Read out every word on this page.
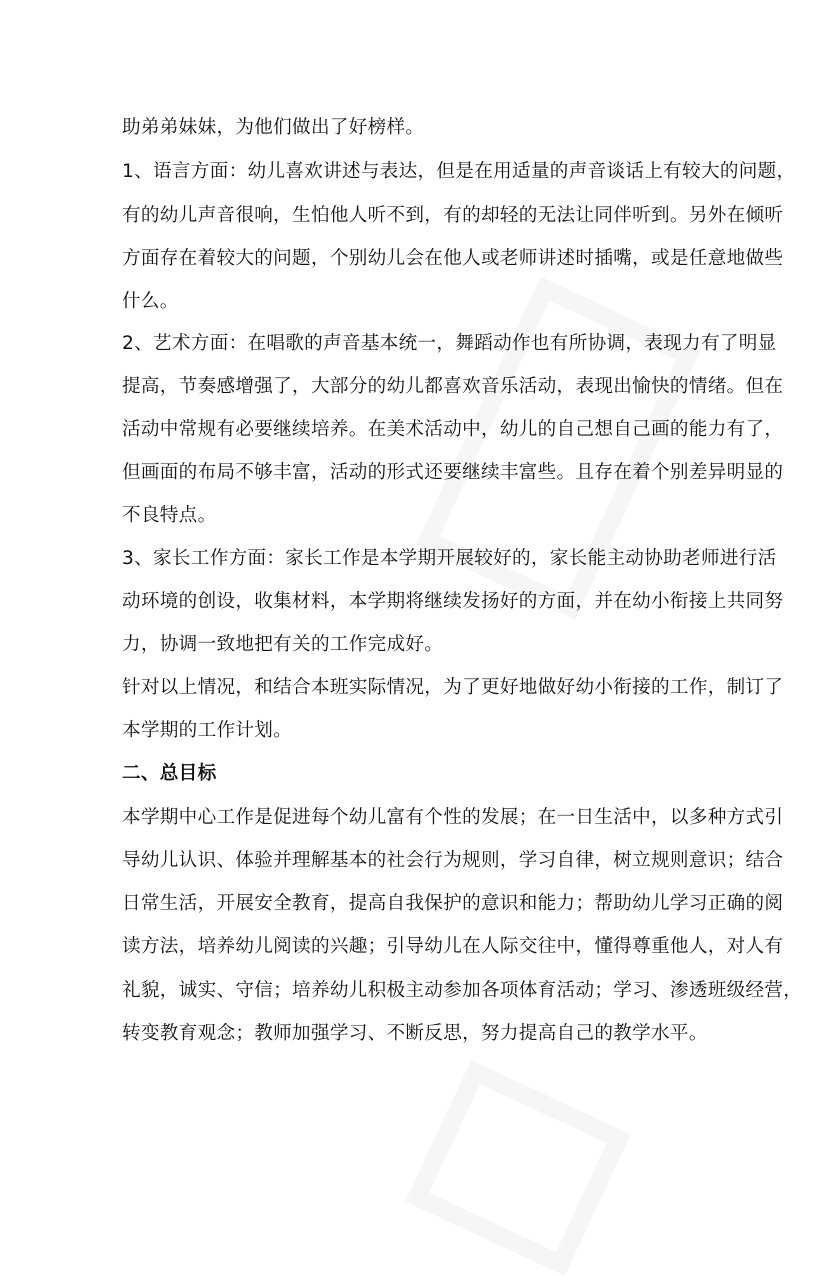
助弟弟妹妹，为他们做出了好榜样。
1、语言方面：幼儿喜欢讲述与表达，但是在用适量的声音谈话上有较大的问题，
有的幼儿声音很响，生怕他人听不到，有的却轻的无法让同伴听到。另外在倾听
方面存在着较大的问题，个别幼儿会在他人或老师讲述时插嘴，或是任意地做些
什么。
2、艺术方面：在唱歌的声音基本统一，舞蹈动作也有所协调，表现力有了明显
提高，节奏感增强了，大部分的幼儿都喜欢音乐活动，表现出愉快的情绪。但在
活动中常规有必要继续培养。在美术活动中，幼儿的自己想自己画的能力有了，
但画面的布局不够丰富，活动的形式还要继续丰富些。且存在着个别差异明显的
不良特点。
3、家长工作方面：家长工作是本学期开展较好的，家长能主动协助老师进行活
动环境的创设，收集材料，本学期将继续发扬好的方面，并在幼小衔接上共同努
力，协调一致地把有关的工作完成好。
针对以上情况，和结合本班实际情况，为了更好地做好幼小衔接的工作，制订了
本学期的工作计划。
二、总目标
本学期中心工作是促进每个幼儿富有个性的发展；在一日生活中，以多种方式引
导幼儿认识、体验并理解基本的社会行为规则，学习自律，树立规则意识；结合
日常生活，开展安全教育，提高自我保护的意识和能力；帮助幼儿学习正确的阅
读方法，培养幼儿阅读的兴趣；引导幼儿在人际交往中，懂得尊重他人，对人有
礼貌，诚实、守信；培养幼儿积极主动参加各项体育活动；学习、渗透班级经营，
转变教育观念；教师加强学习、不断反思，努力提高自己的教学水平。
